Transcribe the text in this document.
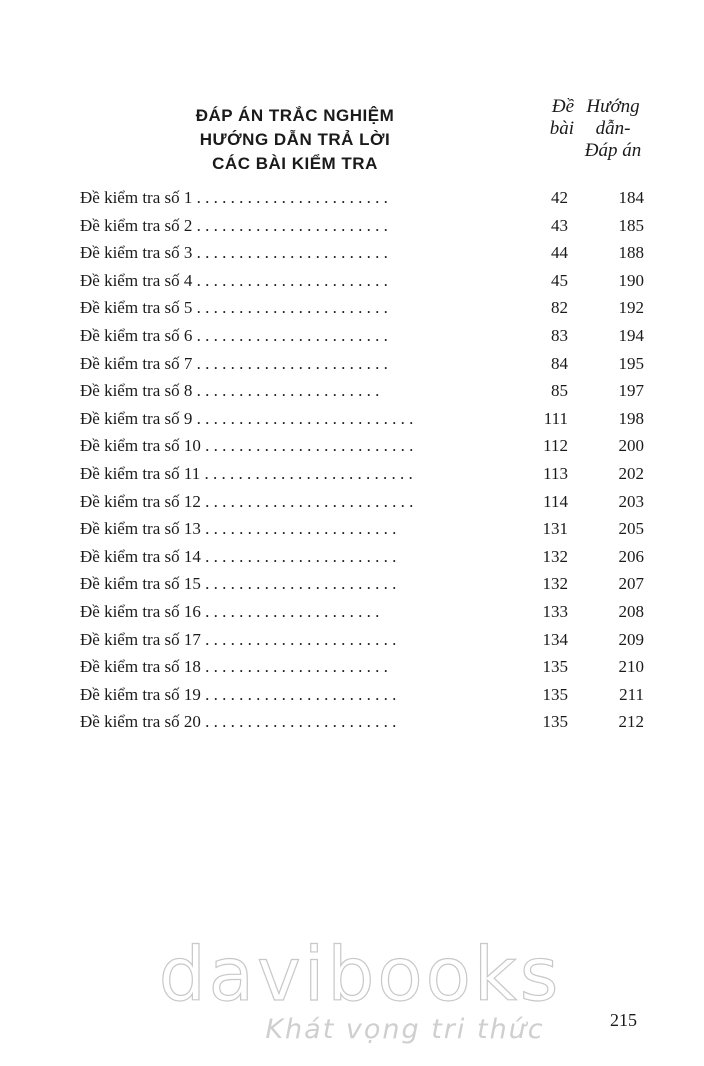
ĐÁP ÁN TRẮC NGHIỆM
HƯỚNG DẪN TRẢ LỜI
CÁC BÀI KIỂM TRA
Đề
bài
Hướng
dẫn-
Đáp án
Đề kiểm tra số 1 . . . . . . . . . . . . . . . . . . . . . . .	42	184
Đề kiểm tra số 2 . . . . . . . . . . . . . . . . . . . . . . .	43	185
Đề kiểm tra số 3 . . . . . . . . . . . . . . . . . . . . . . .	44	188
Đề kiểm tra số 4 . . . . . . . . . . . . . . . . . . . . . . .	45	190
Đề kiểm tra số 5 . . . . . . . . . . . . . . . . . . . . . . .	82	192
Đề kiểm tra số 6 . . . . . . . . . . . . . . . . . . . . . . .	83	194
Đề kiểm tra số 7 . . . . . . . . . . . . . . . . . . . . . . .	84	195
Đề kiểm tra số 8 . . . . . . . . . . . . . . . . . . . . . .	85	197
Đề kiểm tra số 9 . . . . . . . . . . . . . . . . . . . . . . . . . .	111	198
Đề kiểm tra số 10 . . . . . . . . . . . . . . . . . . . . . . . . .	112	200
Đề kiểm tra số 11 . . . . . . . . . . . . . . . . . . . . . . . . .	113	202
Đề kiểm tra số 12 . . . . . . . . . . . . . . . . . . . . . . . . .	114	203
Đề kiểm tra số 13 . . . . . . . . . . . . . . . . . . . . . . .	131	205
Đề kiểm tra số 14 . . . . . . . . . . . . . . . . . . . . . . .	132	206
Đề kiểm tra số 15 . . . . . . . . . . . . . . . . . . . . . . .	132	207
Đề kiểm tra số 16 . . . . . . . . . . . . . . . . . . . . .	133	208
Đề kiểm tra số 17 . . . . . . . . . . . . . . . . . . . . . . .	134	209
Đề kiểm tra số 18 . . . . . . . . . . . . . . . . . . . . . .	135	210
Đề kiểm tra số 19 . . . . . . . . . . . . . . . . . . . . . . .	135	211
Đề kiểm tra số 20 . . . . . . . . . . . . . . . . . . . . . . .	135	212
215
davibooks
Khát vọng tri thức
